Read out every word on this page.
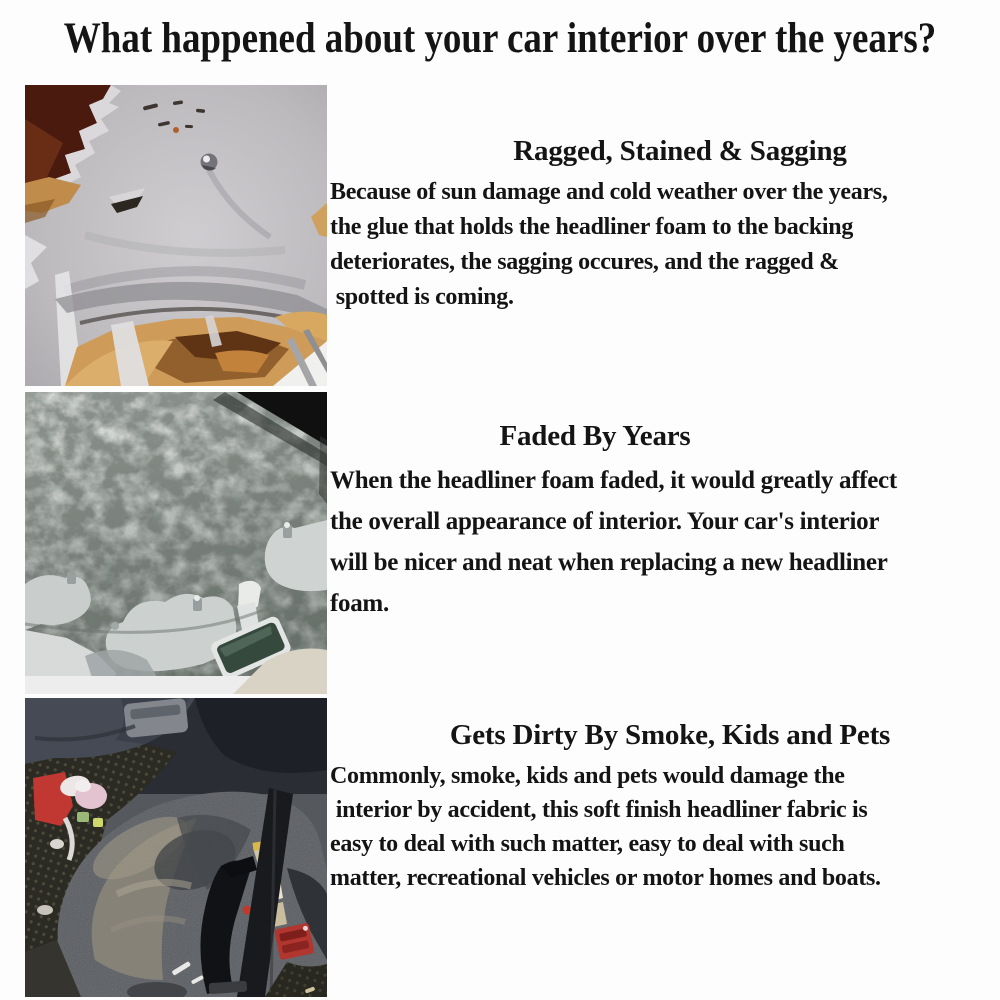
What happened about your car interior over the years?
Ragged, Stained & Sagging
Because of sun damage and cold weather over the years,
the glue that holds the headliner foam to the backing
deteriorates, the sagging occures, and the ragged &
spotted is coming.
Faded By Years
When the headliner foam faded, it would greatly affect
the overall appearance of interior. Your car's interior
will be nicer and neat when replacing a new headliner
foam.
Gets Dirty By Smoke, Kids and Pets
Commonly, smoke, kids and pets would damage the
interior by accident, this soft finish headliner fabric is
easy to deal with such matter, easy to deal with such
matter, recreational vehicles or motor homes and boats.
